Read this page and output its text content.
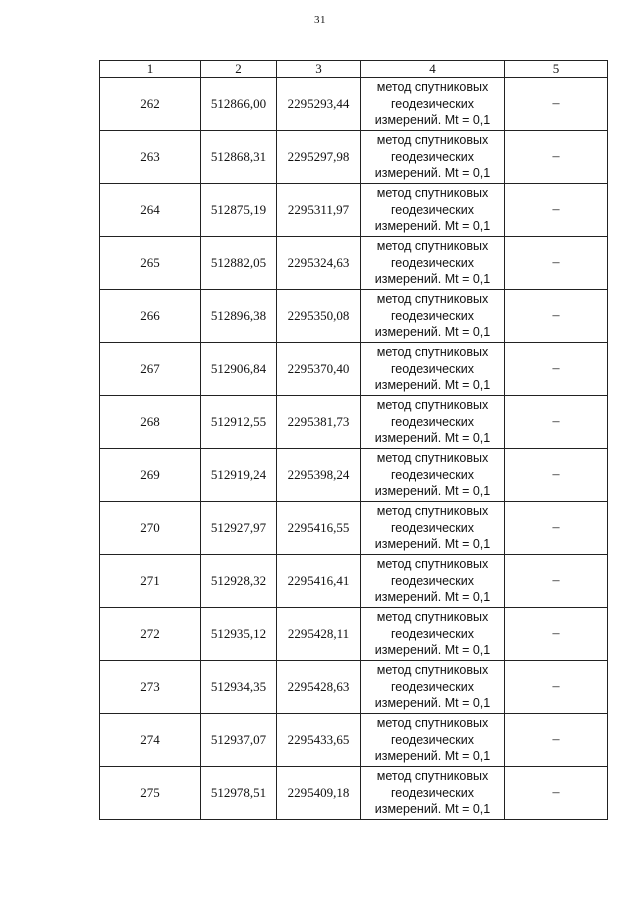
31
1	2	3	4	5
262	512866,00	2295293,44	метод спутниковых геодезических измерений. Mt = 0,1	–
263	512868,31	2295297,98	метод спутниковых геодезических измерений. Mt = 0,1	–
264	512875,19	2295311,97	метод спутниковых геодезических измерений. Mt = 0,1	–
265	512882,05	2295324,63	метод спутниковых геодезических измерений. Mt = 0,1	–
266	512896,38	2295350,08	метод спутниковых геодезических измерений. Mt = 0,1	–
267	512906,84	2295370,40	метод спутниковых геодезических измерений. Mt = 0,1	–
268	512912,55	2295381,73	метод спутниковых геодезических измерений. Mt = 0,1	–
269	512919,24	2295398,24	метод спутниковых геодезических измерений. Mt = 0,1	–
270	512927,97	2295416,55	метод спутниковых геодезических измерений. Mt = 0,1	–
271	512928,32	2295416,41	метод спутниковых геодезических измерений. Mt = 0,1	–
272	512935,12	2295428,11	метод спутниковых геодезических измерений. Mt = 0,1	–
273	512934,35	2295428,63	метод спутниковых геодезических измерений. Mt = 0,1	–
274	512937,07	2295433,65	метод спутниковых геодезических измерений. Mt = 0,1	–
275	512978,51	2295409,18	метод спутниковых геодезических измерений. Mt = 0,1	–
